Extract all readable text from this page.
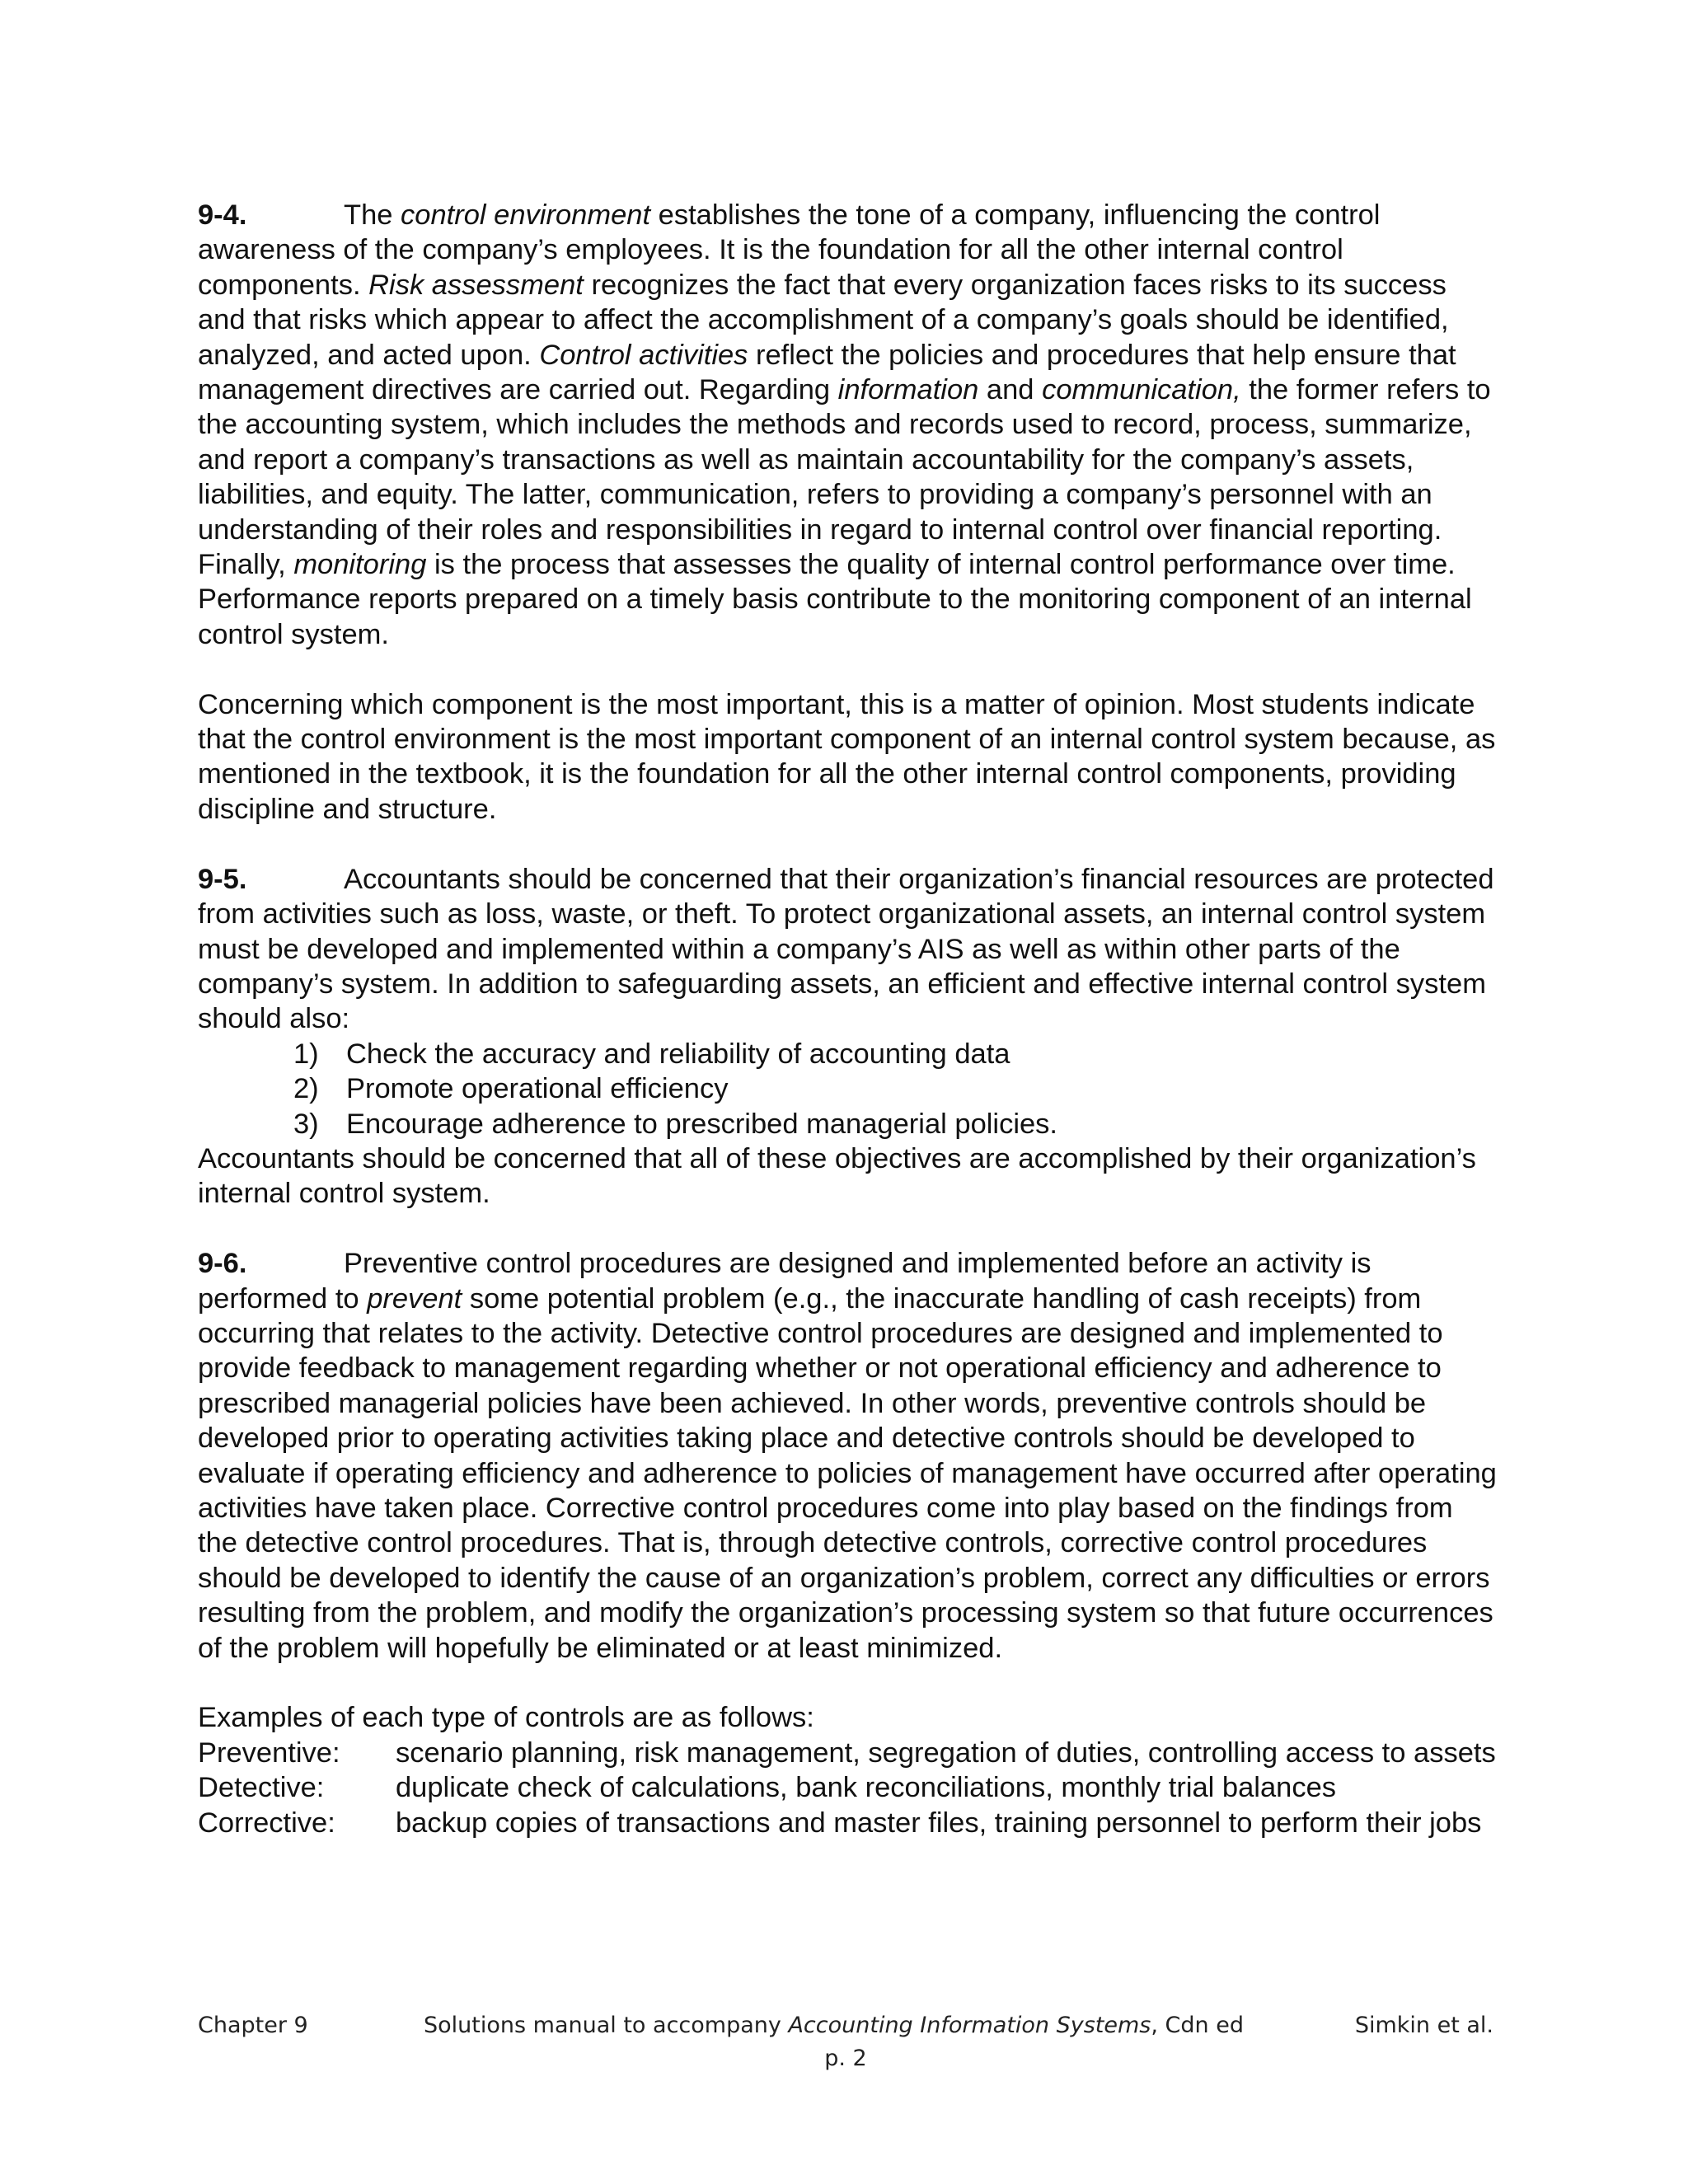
9-4.	The control environment establishes the tone of a company, influencing the control awareness of the company’s employees. It is the foundation for all the other internal control components. Risk assessment recognizes the fact that every organization faces risks to its success and that risks which appear to affect the accomplishment of a company’s goals should be identified, analyzed, and acted upon. Control activities reflect the policies and procedures that help ensure that management directives are carried out. Regarding information and communication, the former refers to the accounting system, which includes the methods and records used to record, process, summarize, and report a company’s transactions as well as maintain accountability for the company’s assets, liabilities, and equity. The latter, communication, refers to providing a company’s personnel with an understanding of their roles and responsibilities in regard to internal control over financial reporting. Finally, monitoring is the process that assesses the quality of internal control performance over time. Performance reports prepared on a timely basis contribute to the monitoring component of an internal control system.

Concerning which component is the most important, this is a matter of opinion. Most students indicate that the control environment is the most important component of an internal control system because, as mentioned in the textbook, it is the foundation for all the other internal control components, providing discipline and structure.

9-5.	Accountants should be concerned that their organization’s financial resources are protected from activities such as loss, waste, or theft. To protect organizational assets, an internal control system must be developed and implemented within a company’s AIS as well as within other parts of the company’s system. In addition to safeguarding assets, an efficient and effective internal control system should also:

1) Check the accuracy and reliability of accounting data
2) Promote operational efficiency
3) Encourage adherence to prescribed managerial policies.

Accountants should be concerned that all of these objectives are accomplished by their organization’s internal control system.

9-6.	Preventive control procedures are designed and implemented before an activity is performed to prevent some potential problem (e.g., the inaccurate handling of cash receipts) from occurring that relates to the activity. Detective control procedures are designed and implemented to provide feedback to management regarding whether or not operational efficiency and adherence to prescribed managerial policies have been achieved. In other words, preventive controls should be developed prior to operating activities taking place and detective controls should be developed to evaluate if operating efficiency and adherence to policies of management have occurred after operating activities have taken place. Corrective control procedures come into play based on the findings from the detective control procedures. That is, through detective controls, corrective control procedures should be developed to identify the cause of an organization’s problem, correct any difficulties or errors resulting from the problem, and modify the organization’s processing system so that future occurrences of the problem will hopefully be eliminated or at least minimized.

Examples of each type of controls are as follows:

Preventive:	scenario planning, risk management, segregation of duties, controlling access to assets
Detective:	duplicate check of calculations, bank reconciliations, monthly trial balances
Corrective:	backup copies of transactions and master files, training personnel to perform their jobs
Chapter 9	Solutions manual to accompany Accounting Information Systems, Cdn ed	Simkin et al.
p. 2
